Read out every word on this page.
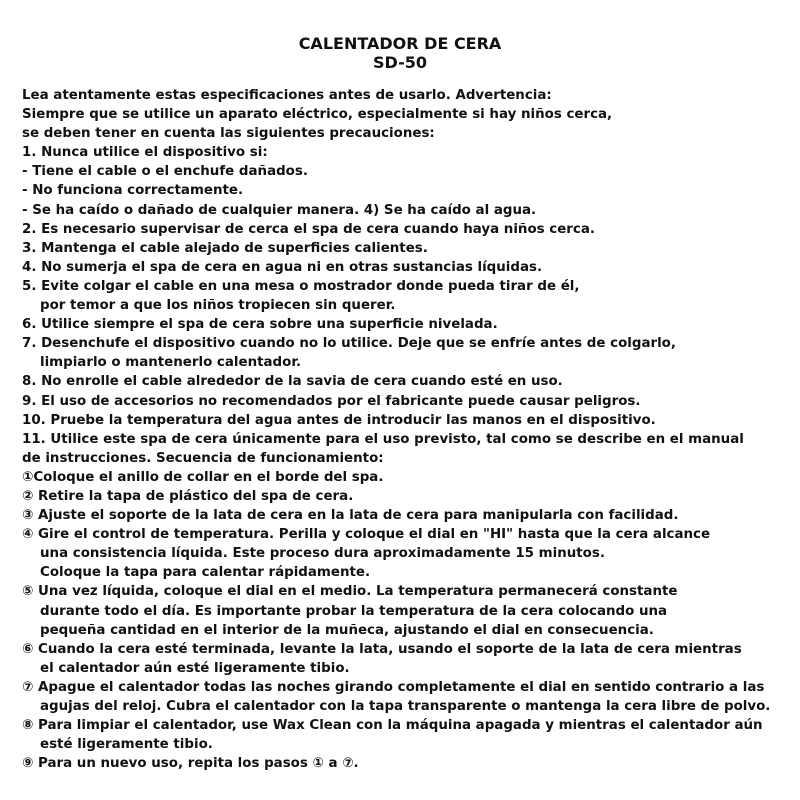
CALENTADOR DE CERA
SD-50
Lea atentamente estas especificaciones antes de usarlo. Advertencia:
Siempre que se utilice un aparato eléctrico, especialmente si hay niños cerca,
se deben tener en cuenta las siguientes precauciones:
1. Nunca utilice el dispositivo si:
- Tiene el cable o el enchufe dañados.
- No funciona correctamente.
- Se ha caído o dañado de cualquier manera. 4) Se ha caído al agua.
2. Es necesario supervisar de cerca el spa de cera cuando haya niños cerca.
3. Mantenga el cable alejado de superficies calientes.
4. No sumerja el spa de cera en agua ni en otras sustancias líquidas.
5. Evite colgar el cable en una mesa o mostrador donde pueda tirar de él,
por temor a que los niños tropiecen sin querer.
6. Utilice siempre el spa de cera sobre una superficie nivelada.
7. Desenchufe el dispositivo cuando no lo utilice. Deje que se enfríe antes de colgarlo,
limpiarlo o mantenerlo calentador.
8. No enrolle el cable alrededor de la savia de cera cuando esté en uso.
9. El uso de accesorios no recomendados por el fabricante puede causar peligros.
10. Pruebe la temperatura del agua antes de introducir las manos en el dispositivo.
11. Utilice este spa de cera únicamente para el uso previsto, tal como se describe en el manual
de instrucciones. Secuencia de funcionamiento:
①Coloque el anillo de collar en el borde del spa.
② Retire la tapa de plástico del spa de cera.
③ Ajuste el soporte de la lata de cera en la lata de cera para manipularla con facilidad.
④ Gire el control de temperatura. Perilla y coloque el dial en "HI" hasta que la cera alcance
una consistencia líquida. Este proceso dura aproximadamente 15 minutos.
Coloque la tapa para calentar rápidamente.
⑤ Una vez líquida, coloque el dial en el medio. La temperatura permanecerá constante
durante todo el día. Es importante probar la temperatura de la cera colocando una
pequeña cantidad en el interior de la muñeca, ajustando el dial en consecuencia.
⑥ Cuando la cera esté terminada, levante la lata, usando el soporte de la lata de cera mientras
el calentador aún esté ligeramente tibio.
⑦ Apague el calentador todas las noches girando completamente el dial en sentido contrario a las
agujas del reloj. Cubra el calentador con la tapa transparente o mantenga la cera libre de polvo.
⑧ Para limpiar el calentador, use Wax Clean con la máquina apagada y mientras el calentador aún
esté ligeramente tibio.
⑨ Para un nuevo uso, repita los pasos ① a ⑦.
